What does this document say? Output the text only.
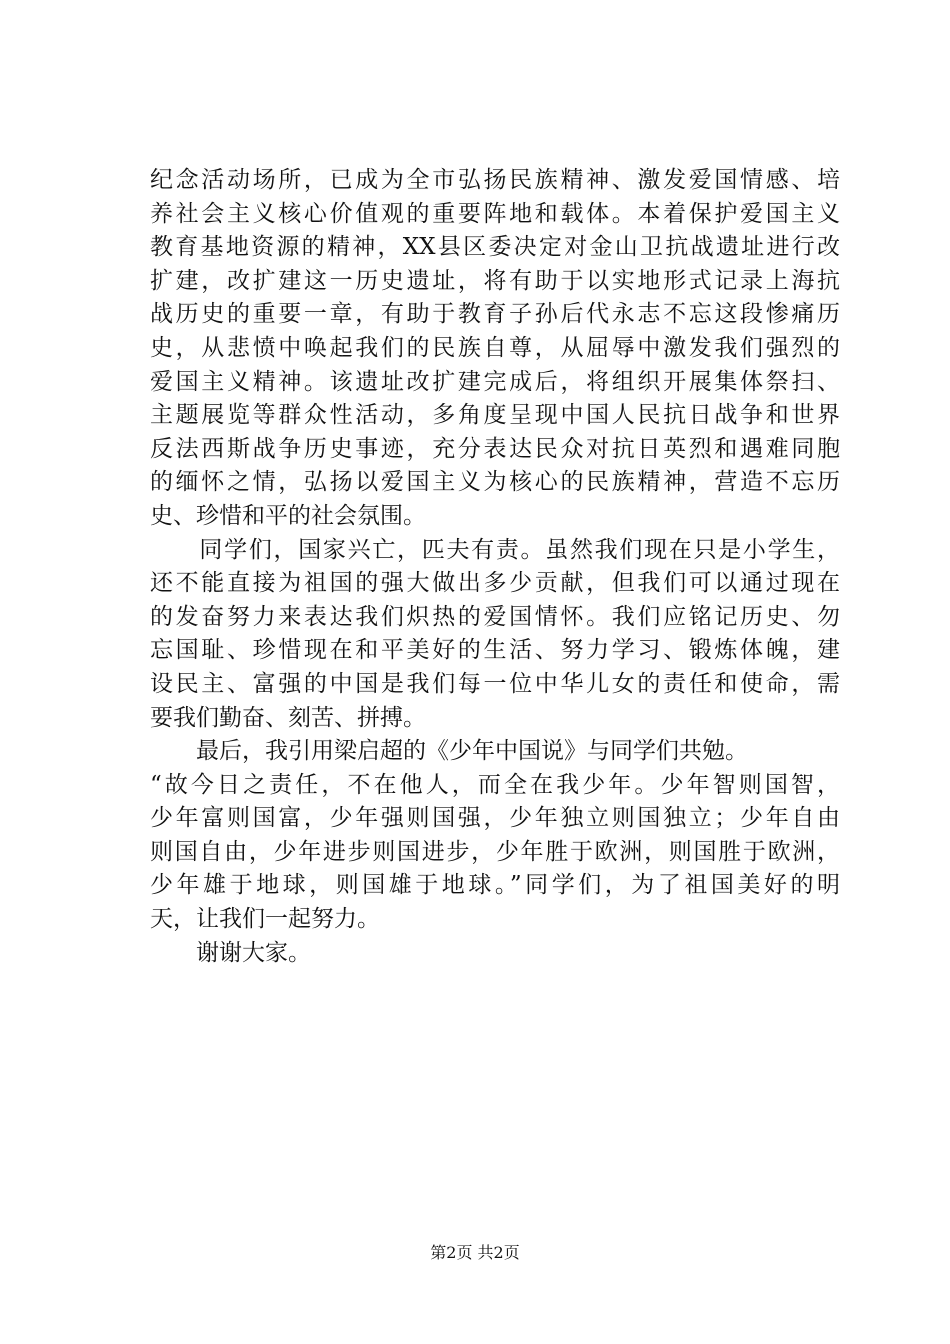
纪念活动场所，已成为全市弘扬民族精神、激发爱国情感、培
养社会主义核心价值观的重要阵地和载体。本着保护爱国主义
教育基地资源的精神，XX县区委决定对金山卫抗战遗址进行改
扩建，改扩建这一历史遗址，将有助于以实地形式记录上海抗
战历史的重要一章，有助于教育子孙后代永志不忘这段惨痛历
史，从悲愤中唤起我们的民族自尊，从屈辱中激发我们强烈的
爱国主义精神。该遗址改扩建完成后，将组织开展集体祭扫、
主题展览等群众性活动，多角度呈现中国人民抗日战争和世界
反法西斯战争历史事迹，充分表达民众对抗日英烈和遇难同胞
的缅怀之情，弘扬以爱国主义为核心的民族精神，营造不忘历
史、珍惜和平的社会氛围。
　　同学们，国家兴亡，匹夫有责。虽然我们现在只是小学生，
还不能直接为祖国的强大做出多少贡献，但我们可以通过现在
的发奋努力来表达我们炽热的爱国情怀。我们应铭记历史、勿
忘国耻、珍惜现在和平美好的生活、努力学习、锻炼体魄，建
设民主、富强的中国是我们每一位中华儿女的责任和使命，需
要我们勤奋、刻苦、拼搏。
　　最后，我引用梁启超的《少年中国说》与同学们共勉。
“故今日之责任，不在他人，而全在我少年。少年智则国智，
少年富则国富，少年强则国强，少年独立则国独立；少年自由
则国自由，少年进步则国进步，少年胜于欧洲，则国胜于欧洲，
少年雄于地球，则国雄于地球。”同学们，为了祖国美好的明
天，让我们一起努力。
　　谢谢大家。
第2页 共2页
